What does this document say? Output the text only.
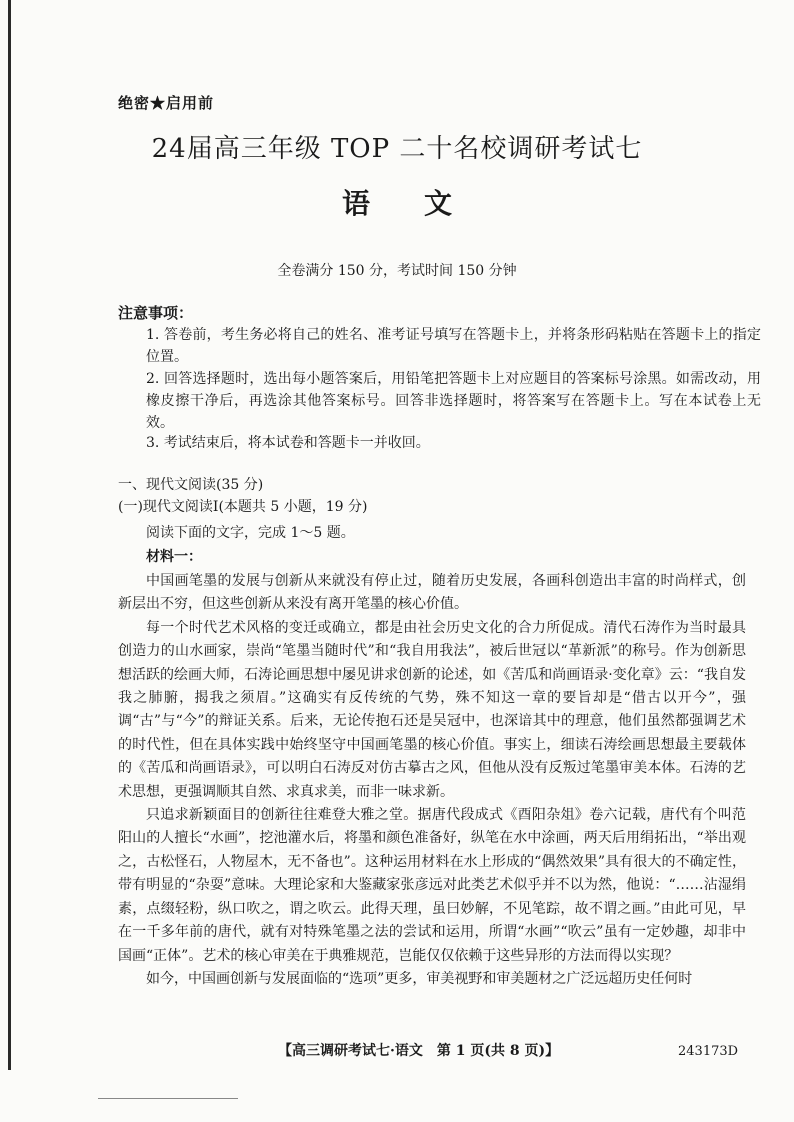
绝密★启用前
24届高三年级 TOP 二十名校调研考试七
语文
全卷满分 150 分，考试时间 150 分钟
注意事项：
1. 答卷前，考生务必将自己的姓名、准考证号填写在答题卡上，并将条形码粘贴在答题卡上的指定位置。
2. 回答选择题时，选出每小题答案后，用铅笔把答题卡上对应题目的答案标号涂黑。如需改动，用橡皮擦干净后，再选涂其他答案标号。回答非选择题时，将答案写在答题卡上。写在本试卷上无效。
3. 考试结束后，将本试卷和答题卡一并收回。
一、现代文阅读(35 分)
(一)现代文阅读Ⅰ(本题共 5 小题，19 分)
阅读下面的文字，完成 1～5 题。
材料一：

中国画笔墨的发展与创新从来就没有停止过，随着历史发展，各画科创造出丰富的时尚样式，创新层出不穷，但这些创新从来没有离开笔墨的核心价值。

每一个时代艺术风格的变迁或确立，都是由社会历史文化的合力所促成。清代石涛作为当时最具创造力的山水画家，崇尚“笔墨当随时代”和“我自用我法”，被后世冠以“革新派”的称号。作为创新思想活跃的绘画大师，石涛论画思想中屡见讲求创新的论述，如《苦瓜和尚画语录·变化章》云：“我自发我之肺腑，揭我之须眉。”这确实有反传统的气势，殊不知这一章的要旨却是“借古以开今”，强调“古”与“今”的辩证关系。后来，无论传抱石还是吴冠中，也深谙其中的理意，他们虽然都强调艺术的时代性，但在具体实践中始终坚守中国画笔墨的核心价值。事实上，细读石涛绘画思想最主要载体的《苦瓜和尚画语录》，可以明白石涛反对仿古摹古之风，但他从没有反叛过笔墨审美本体。石涛的艺术思想，更强调顺其自然、求真求美，而非一味求新。

只追求新颖面目的创新往往难登大雅之堂。据唐代段成式《酉阳杂俎》卷六记载，唐代有个叫范阳山的人擅长“水画”，挖池灌水后，将墨和颜色准备好，纵笔在水中涂画，两天后用绢拓出，“举出观之，古松怪石，人物屋木，无不备也”。这种运用材料在水上形成的“偶然效果”具有很大的不确定性，带有明显的“杂耍”意味。大理论家和大鉴藏家张彦远对此类艺术似乎并不以为然，他说：“……沾湿绢素，点缀轻粉，纵口吹之，谓之吹云。此得天理，虽曰妙解，不见笔踪，故不谓之画。”由此可见，早在一千多年前的唐代，就有对特殊笔墨之法的尝试和运用，所谓“水画”“吹云”虽有一定妙趣，却非中国画“正体”。艺术的核心审美在于典雅规范，岂能仅仅依赖于这些异形的方法而得以实现？

如今，中国画创新与发展面临的“选项”更多，审美视野和审美题材之广泛远超历史任何时

【高三调研考试七·语文　第 1 页(共 8 页)】	243173D
